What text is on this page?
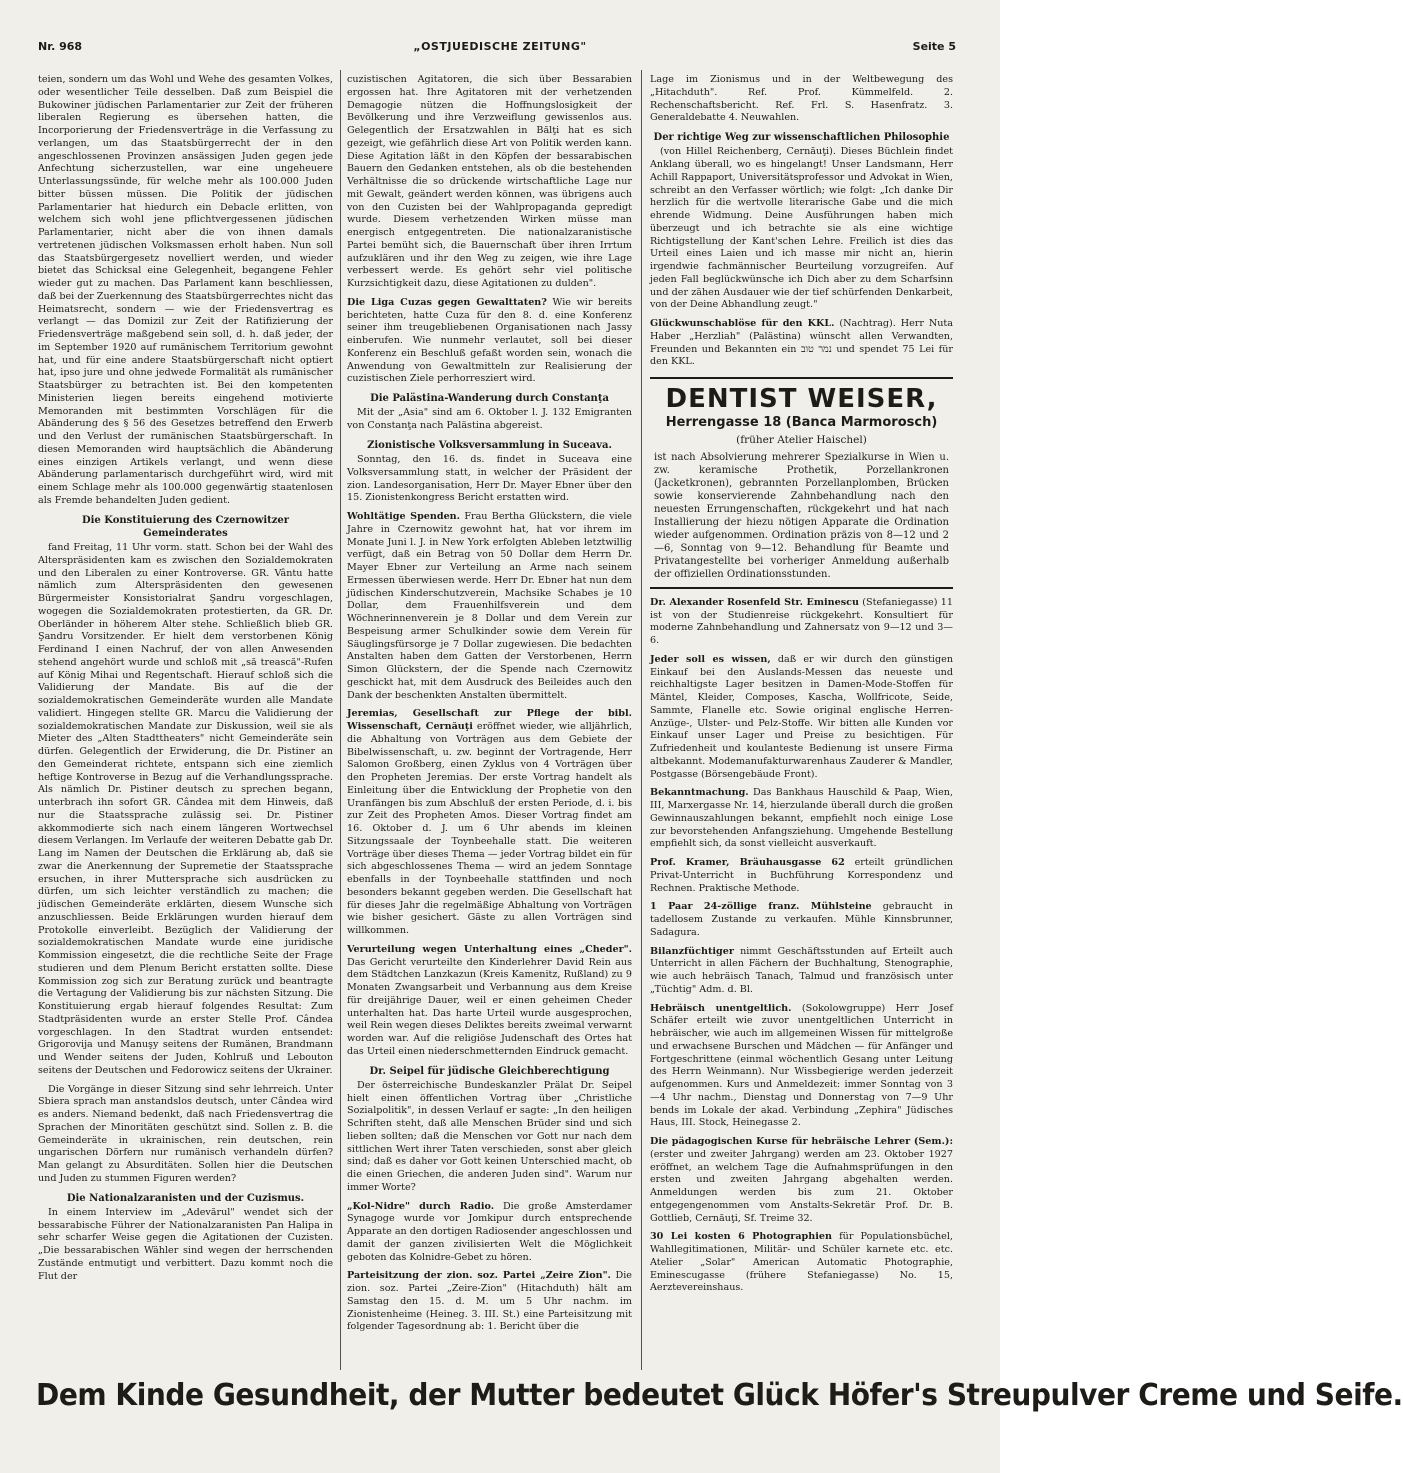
Nr. 968	„OSTJUEDISCHE ZEITUNG"	Seite 5

teien, sondern um das Wohl und Wehe des gesamten Volkes, oder wesentlicher Teile desselben. Daß zum Beispiel die Bukowiner jüdischen Parlamentarier zur Zeit der früheren liberalen Regierung es übersehen hatten, die Incorporierung der Friedensverträge in die Verfassung zu verlangen, um das Staatsbürgerrecht der in den angeschlossenen Provinzen ansässigen Juden gegen jede Anfechtung sicherzustellen, war eine ungeheuere Unterlassungssünde, für welche mehr als 100.000 Juden bitter büssen müssen. Die Politik der jüdischen Parlamentarier hat hiedurch ein Debacle erlitten, von welchem sich wohl jene pflichtvergessenen jüdischen Parlamentarier, nicht aber die von ihnen damals vertretenen jüdischen Volksmassen erholt haben. Nun soll das Staatsbürgergesetz novelliert werden, und wieder bietet das Schicksal eine Gelegenheit, begangene Fehler wieder gut zu machen. Das Parlament kann beschliessen, daß bei der Zuerkennung des Staatsbürgerrechtes nicht das Heimatsrecht, sondern — wie der Friedensvertrag es verlangt — das Domizil zur Zeit der Ratifizierung der Friedensverträge maßgebend sein soll, d. h. daß jeder, der im September 1920 auf rumänischem Territorium gewohnt hat, und für eine andere Staatsbürgerschaft nicht optiert hat, ipso jure und ohne jedwede Formalität als rumänischer Staatsbürger zu betrachten ist. Bei den kompetenten Ministerien liegen bereits eingehend motivierte Memoranden mit bestimmten Vorschlägen für die Abänderung des § 56 des Gesetzes betreffend den Erwerb und den Verlust der rumänischen Staatsbürgerschaft. In diesen Memoranden wird hauptsächlich die Abänderung eines einzigen Artikels verlangt, und wenn diese Abänderung parlamentarisch durchgeführt wird, wird mit einem Schlage mehr als 100.000 gegenwärtig staatenlosen als Fremde behandelten Juden gedient.

Die Konstituierung des Czernowitzer Gemeinderates
fand Freitag, 11 Uhr vorm. statt. Schon bei der Wahl des Alterspräsidenten kam es zwischen den Sozialdemokraten und den Liberalen zu einer Kontroverse. GR. Vântu hatte nämlich zum Alterspräsidenten den gewesenen Bürgermeister Konsistorialrat Şandru vorgeschlagen, wogegen die Sozialdemokraten protestierten, da GR. Dr. Oberländer in höherem Alter stehe. Schließlich blieb GR. Şandru Vorsitzender. Er hielt dem verstorbenen König Ferdinand I einen Nachruf, der von allen Anwesenden stehend angehört wurde und schloß mit „să trească"-Rufen auf König Mihai und Regentschaft. Hierauf schloß sich die Validierung der Mandate. Bis auf die der sozialdemokratischen Gemeinderäte wurden alle Mandate validiert. Hingegen stellte GR. Marcu die Validierung der sozialdemokratischen Mandate zur Diskussion, weil sie als Mieter des „Alten Stadttheaters" nicht Gemeinderäte sein dürfen. Gelegentlich der Erwiderung, die Dr. Pistiner an den Gemeinderat richtete, entspann sich eine ziemlich heftige Kontroverse in Bezug auf die Verhandlungssprache. Als nämlich Dr. Pistiner deutsch zu sprechen begann, unterbrach ihn sofort GR. Cândea mit dem Hinweis, daß nur die Staatssprache zulässig sei. Dr. Pistiner akkommodierte sich nach einem längeren Wortwechsel diesem Verlangen. Im Verlaufe der weiteren Debatte gab Dr. Lang im Namen der Deutschen die Erklärung ab, daß sie zwar die Anerkennung der Supremetie der Staatssprache ersuchen, in ihrer Muttersprache sich ausdrücken zu dürfen, um sich leichter verständlich zu machen; die jüdischen Gemeinderäte erklärten, diesem Wunsche sich anzuschliessen. Beide Erklärungen wurden hierauf dem Protokolle einverleibt. Bezüglich der Validierung der sozialdemokratischen Mandate wurde eine juridische Kommission eingesetzt, die die rechtliche Seite der Frage studieren und dem Plenum Bericht erstatten sollte. Diese Kommission zog sich zur Beratung zurück und beantragte die Vertagung der Validierung bis zur nächsten Sitzung. Die Konstituierung ergab hierauf folgendes Resultat: Zum Stadtpräsidenten wurde an erster Stelle Prof. Cândea vorgeschlagen. In den Stadtrat wurden entsendet: Grigorovija und Manuşy seitens der Rumänen, Brandmann und Wender seitens der Juden, Kohlruß und Lebouton seitens der Deutschen und Fedorowicz seitens der Ukrainer.

Die Vorgänge in dieser Sitzung sind sehr lehrreich. Unter Sbiera sprach man anstandslos deutsch, unter Cândea wird es anders. Niemand bedenkt, daß nach Friedensvertrag die Sprachen der Minoritäten geschützt sind. Sollen z. B. die Gemeinderäte in ukrainischen, rein deutschen, rein ungarischen Dörfern nur rumänisch verhandeln dürfen? Man gelangt zu Absurditäten. Sollen hier die Deutschen und Juden zu stummen Figuren werden?

Die Nationalzaranisten und der Cuzismus.
In einem Interview im „Adevărul" wendet sich der bessarabische Führer der Nationalzaranisten Pan Halipa in sehr scharfer Weise gegen die Agitationen der Cuzisten. „Die bessarabischen Wähler sind wegen der herrschenden Zustände entmutigt und verbittert. Dazu kommt noch die Flut der

cuzistischen Agitatoren, die sich über Bessarabien ergossen hat. Ihre Agitatoren mit der verhetzenden Demagogie nützen die Hoffnungslosigkeit der Bevölkerung und ihre Verzweiflung gewissenlos aus. Gelegentlich der Ersatzwahlen in Bălţi hat es sich gezeigt, wie gefährlich diese Art von Politik werden kann. Diese Agitation läßt in den Köpfen der bessarabischen Bauern den Gedanken entstehen, als ob die bestehenden Verhältnisse die so drückende wirtschaftliche Lage nur mit Gewalt, geändert werden können, was übrigens auch von den Cuzisten bei der Wahlpropaganda gepredigt wurde. Diesem verhetzenden Wirken müsse man energisch entgegentreten. Die nationalzaranistische Partei bemüht sich, die Bauernschaft über ihren Irrtum aufzuklären und ihr den Weg zu zeigen, wie ihre Lage verbessert werde. Es gehört sehr viel politische Kurzsichtigkeit dazu, diese Agitationen zu dulden".

Die Liga Cuzas gegen Gewalttaten? Wie wir bereits berichteten, hatte Cuza für den 8. d. eine Konferenz seiner ihm treugebliebenen Organisationen nach Jassy einberufen. Wie nunmehr verlautet, soll bei dieser Konferenz ein Beschluß gefaßt worden sein, wonach die Anwendung von Gewaltmitteln zur Realisierung der cuzistischen Ziele perhorresziert wird.
Die Palästina-Wanderung durch Constanţa
Mit der „Asia" sind am 6. Oktober l. J. 132 Emigranten von Constanţa nach Palästina abgereist.
Zionistische Volksversammlung in Suceava.
Sonntag, den 16. ds. findet in Suceava eine Volksversammlung statt, in welcher der Präsident der zion. Landesorganisation, Herr Dr. Mayer Ebner über den 15. Zionistenkongress Bericht erstatten wird.
Wohltätige Spenden. Frau Bertha Glückstern, die viele Jahre in Czernowitz gewohnt hat, hat vor ihrem im Monate Juni l. J. in New York erfolgten Ableben letztwillig verfügt, daß ein Betrag von 50 Dollar dem Herrn Dr. Mayer Ebner zur Verteilung an Arme nach seinem Ermessen überwiesen werde. Herr Dr. Ebner hat nun dem jüdischen Kinderschutzverein, Machsike Schabes je 10 Dollar, dem Frauenhilfsverein und dem Wöchnerinnenverein je 8 Dollar und dem Verein zur Bespeisung armer Schulkinder sowie dem Verein für Säuglingsfürsorge je 7 Dollar zugewiesen. Die bedachten Anstalten haben dem Gatten der Verstorbenen, Herrn Simon Glückstern, der die Spende nach Czernowitz geschickt hat, mit dem Ausdruck des Beileides auch den Dank der beschenkten Anstalten übermittelt.
Jeremias, Gesellschaft zur Pflege der bibl. Wissenschaft, Cernăuţi eröffnet wieder, wie alljährlich, die Abhaltung von Vorträgen aus dem Gebiete der Bibelwissenschaft, u. zw. beginnt der Vortragende, Herr Salomon Großberg, einen Zyklus von 4 Vorträgen über den Propheten Jeremias. Der erste Vortrag handelt als Einleitung über die Entwicklung der Prophetie von den Uranfängen bis zum Abschluß der ersten Periode, d. i. bis zur Zeit des Propheten Amos. Dieser Vortrag findet am 16. Oktober d. J. um 6 Uhr abends im kleinen Sitzungssaale der Toynbeehalle statt. Die weiteren Vorträge über dieses Thema — jeder Vortrag bildet ein für sich abgeschlossenes Thema — wird an jedem Sonntage ebenfalls in der Toynbeehalle stattfinden und noch besonders bekannt gegeben werden. Die Gesellschaft hat für dieses Jahr die regelmäßige Abhaltung von Vorträgen wie bisher gesichert. Gäste zu allen Vorträgen sind willkommen.
Verurteilung wegen Unterhaltung eines „Cheder". Das Gericht verurteilte den Kinderlehrer David Rein aus dem Städtchen Lanzkazun (Kreis Kamenitz, Rußland) zu 9 Monaten Zwangsarbeit und Verbannung aus dem Kreise für dreijährige Dauer, weil er einen geheimen Cheder unterhalten hat. Das harte Urteil wurde ausgesprochen, weil Rein wegen dieses Deliktes bereits zweimal verwarnt worden war. Auf die religiöse Judenschaft des Ortes hat das Urteil einen niederschmetternden Eindruck gemacht.
Dr. Seipel für jüdische Gleichberechtigung
Der österreichische Bundeskanzler Prälat Dr. Seipel hielt einen öffentlichen Vortrag über „Christliche Sozialpolitik", in dessen Verlauf er sagte: „In den heiligen Schriften steht, daß alle Menschen Brüder sind und sich lieben sollten; daß die Menschen vor Gott nur nach dem sittlichen Wert ihrer Taten verschieden, sonst aber gleich sind; daß es daher vor Gott keinen Unterschied macht, ob die einen Griechen, die anderen Juden sind". Warum nur immer Worte?
„Kol-Nidre" durch Radio. Die große Amsterdamer Synagoge wurde vor Jomkipur durch entsprechende Apparate an den dortigen Radiosender angeschlossen und damit der ganzen zivilisierten Welt die Möglichkeit geboten das Kolnidre-Gebet zu hören.
Parteisitzung der zion. soz. Partei „Zeire Zion". Die zion. soz. Partei „Zeire-Zion" (Hitachduth) hält am Samstag den 15. d. M. um 5 Uhr nachm. im Zionistenheime (Heineg. 3. III. St.) eine Parteisitzung mit folgender Tagesordnung ab: 1. Bericht über die

Lage im Zionismus und in der Weltbewegung des „Hitachduth". Ref. Prof. Kümmelfeld. 2. Rechenschaftsbericht. Ref. Frl. S. Hasenfratz. 3. Generaldebatte 4. Neuwahlen.

Der richtige Weg zur wissenschaftlichen Philosophie
(von Hillel Reichenberg, Cernăuţi). Dieses Büchlein findet Anklang überall, wo es hingelangt! Unser Landsmann, Herr Achill Rappaport, Universitätsprofessor und Advokat in Wien, schreibt an den Verfasser wörtlich; wie folgt: „Ich danke Dir herzlich für die wertvolle literarische Gabe und die mich ehrende Widmung. Deine Ausführungen haben mich überzeugt und ich betrachte sie als eine wichtige Richtigstellung der Kant'schen Lehre. Freilich ist dies das Urteil eines Laien und ich masse mir nicht an, hierin irgendwie fachmännischer Beurteilung vorzugreifen. Auf jeden Fall beglückwünsche ich Dich aber zu dem Scharfsinn und der zähen Ausdauer wie der tief schürfenden Denkarbeit, von der Deine Abhandlung zeugt."
Glückwunschablöse für den KKL. (Nachtrag). Herr Nuta Haber „Herzliah" (Palästina) wünscht allen Verwandten, Freunden und Bekannten ein נמר טוב und spendet 75 Lei für den KKL.
DENTIST WEISER,
Herrengasse 18 (Banca Marmorosch)
(früher Atelier Haischel)
ist nach Absolvierung mehrerer Spezialkurse in Wien u. zw. keramische Prothetik, Porzellankronen (Jacketkronen), gebrannten Porzellanplomben, Brücken sowie konservierende Zahnbehandlung nach den neuesten Errungenschaften, rückgekehrt und hat nach Installierung der hiezu nötigen Apparate die Ordination wieder aufgenommen. Ordination präzis von 8—12 und 2—6, Sonntag von 9—12. Behandlung für Beamte und Privatangestellte bei vorheriger Anmeldung außerhalb der offiziellen Ordinationsstunden.
Dr. Alexander Rosenfeld Str. Eminescu (Stefaniegasse) 11 ist von der Studienreise rückgekehrt. Konsultiert für moderne Zahnbehandlung und Zahnersatz von 9—12 und 3—6.
Jeder soll es wissen, daß er wir durch den günstigen Einkauf bei den Auslands-Messen das neueste und reichhaltigste Lager besitzen in Damen-Mode-Stoffen für Mäntel, Kleider, Composes, Kascha, Wollfricote, Seide, Sammte, Flanelle etc. Sowie original englische Herren-Anzüge-, Ulster- und Pelz-Stoffe. Wir bitten alle Kunden vor Einkauf unser Lager und Preise zu besichtigen. Für Zufriedenheit und koulanteste Bedienung ist unsere Firma altbekannt. Modemanufakturwarenhaus Zauderer & Mandler, Postgasse (Börsengebäude Front).
Bekanntmachung. Das Bankhaus Hauschild & Paap, Wien, III, Marxergasse Nr. 14, hierzulande überall durch die großen Gewinnauszahlungen bekannt, empfiehlt noch einige Lose zur bevorstehenden Anfangsziehung. Umgehende Bestellung empfiehlt sich, da sonst vielleicht ausverkauft.
Prof. Kramer, Bräuhausgasse 62 erteilt gründlichen Privat-Unterricht in Buchführung Korrespondenz und Rechnen. Praktische Methode.
1 Paar 24-zöllige franz. Mühlsteine gebraucht in tadellosem Zustande zu verkaufen. Mühle Kinnsbrunner, Sadagura.
Bilanzfüchtiger nimmt Geschäftsstunden auf Erteilt auch Unterricht in allen Fächern der Buchhaltung, Stenographie, wie auch hebräisch Tanach, Talmud und französisch unter „Tüchtig" Adm. d. Bl.
Hebräisch unentgeltlich. (Sokolowgruppe) Herr Josef Schäfer erteilt wie zuvor unentgeltlichen Unterricht in hebräischer, wie auch im allgemeinen Wissen für mittelgroße und erwachsene Burschen und Mädchen — für Anfänger und Fortgeschrittene (einmal wöchentlich Gesang unter Leitung des Herrn Weinmann). Nur Wissbegierige werden jederzeit aufgenommen. Kurs und Anmeldezeit: immer Sonntag von 3—4 Uhr nachm., Dienstag und Donnerstag von 7—9 Uhr bends im Lokale der akad. Verbindung „Zephira" Jüdisches Haus, III. Stock, Heinegasse 2.
Die pädagogischen Kurse für hebräische Lehrer (Sem.): (erster und zweiter Jahrgang) werden am 23. Oktober 1927 eröffnet, an welchem Tage die Aufnahmsprüfungen in den ersten und zweiten Jahrgang abgehalten werden. Anmeldungen werden bis zum 21. Oktober entgegengenommen vom Anstalts-Sekretär Prof. Dr. B. Gottlieb, Cernăuţi, Sf. Treime 32.
30 Lei kosten 6 Photographien für Populationsbüchel, Wahllegitimationen, Militär- und Schüler karnete etc. etc. Atelier „Solar" American Automatic Photographie, Eminescugasse (frühere Stefaniegasse) No. 15, Aerztevereinshaus.
Dem Kinde Gesundheit, der Mutter bedeutet Glück Höfer's Streupulver Creme und Seife.
